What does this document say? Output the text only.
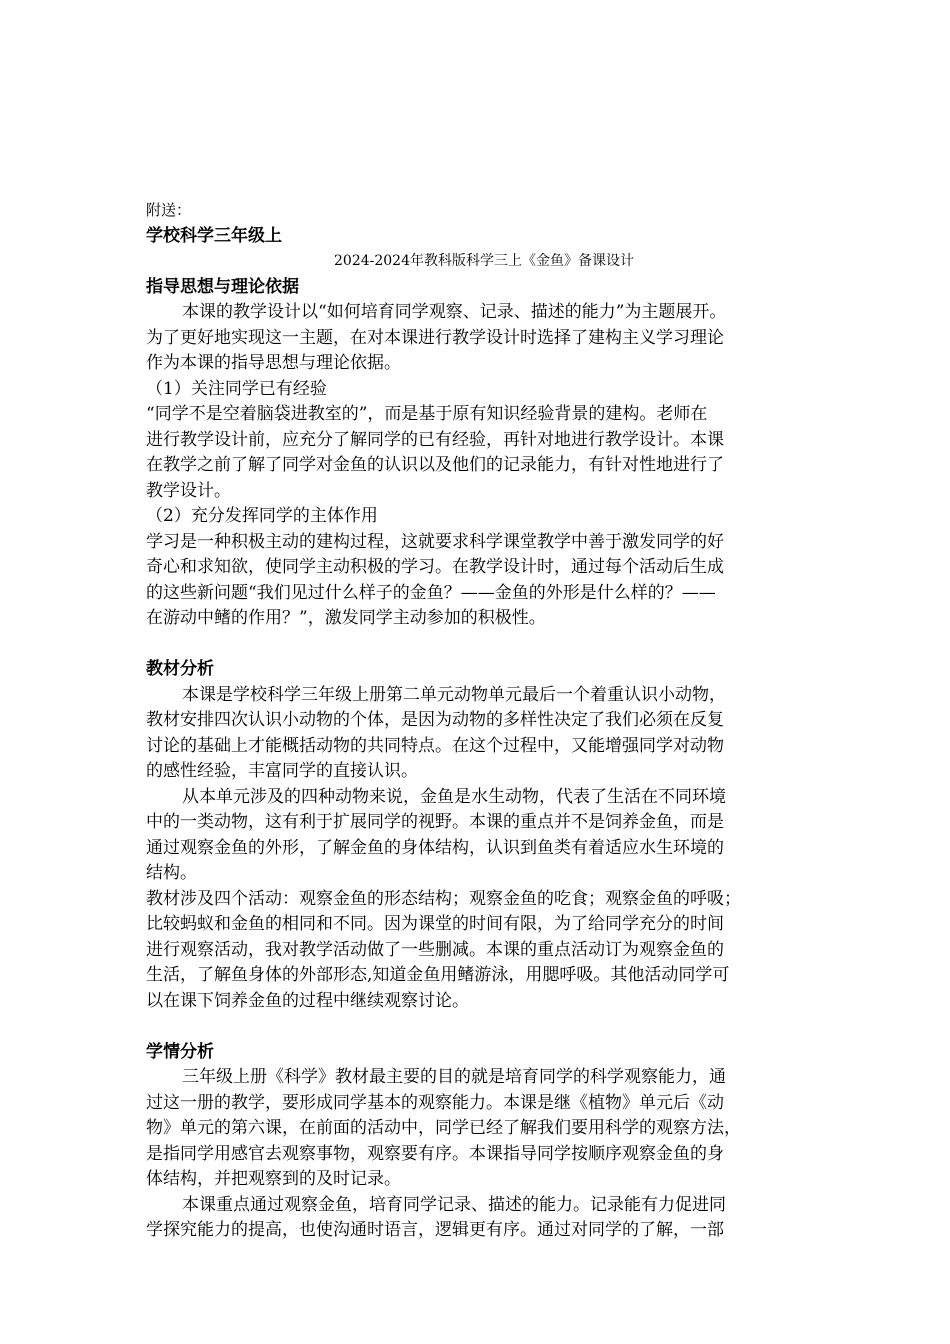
附送：
学校科学三年级上
2024-2024年教科版科学三上《金鱼》备课设计
指导思想与理论依据
本课的教学设计以“如何培育同学观察、记录、描述的能力”为主题展开。
为了更好地实现这一主题，在对本课进行教学设计时选择了建构主义学习理论
作为本课的指导思想与理论依据。
（1）关注同学已有经验
“同学不是空着脑袋进教室的”，而是基于原有知识经验背景的建构。老师在
进行教学设计前，应充分了解同学的已有经验，再针对地进行教学设计。本课
在教学之前了解了同学对金鱼的认识以及他们的记录能力，有针对性地进行了
教学设计。
（2）充分发挥同学的主体作用
学习是一种积极主动的建构过程，这就要求科学课堂教学中善于激发同学的好
奇心和求知欲，使同学主动积极的学习。在教学设计时，通过每个活动后生成
的这些新问题“我们见过什么样子的金鱼？——金鱼的外形是什么样的？——
在游动中鳍的作用？”，激发同学主动参加的积极性。
教材分析
本课是学校科学三年级上册第二单元动物单元最后一个着重认识小动物，
教材安排四次认识小动物的个体，是因为动物的多样性决定了我们必须在反复
讨论的基础上才能概括动物的共同特点。在这个过程中，又能增强同学对动物
的感性经验，丰富同学的直接认识。
从本单元涉及的四种动物来说，金鱼是水生动物，代表了生活在不同环境
中的一类动物，这有利于扩展同学的视野。本课的重点并不是饲养金鱼，而是
通过观察金鱼的外形，了解金鱼的身体结构，认识到鱼类有着适应水生环境的
结构。
教材涉及四个活动：观察金鱼的形态结构；观察金鱼的吃食；观察金鱼的呼吸；
比较蚂蚁和金鱼的相同和不同。因为课堂的时间有限，为了给同学充分的时间
进行观察活动，我对教学活动做了一些删减。本课的重点活动订为观察金鱼的
生活，了解鱼身体的外部形态,知道金鱼用鳍游泳，用腮呼吸。其他活动同学可
以在课下饲养金鱼的过程中继续观察讨论。
学情分析
三年级上册《科学》教材最主要的目的就是培育同学的科学观察能力，通
过这一册的教学，要形成同学基本的观察能力。本课是继《植物》单元后《动
物》单元的第六课，在前面的活动中，同学已经了解我们要用科学的观察方法，
是指同学用感官去观察事物，观察要有序。本课指导同学按顺序观察金鱼的身
体结构，并把观察到的及时记录。
本课重点通过观察金鱼，培育同学记录、描述的能力。记录能有力促进同
学探究能力的提高，也使沟通时语言，逻辑更有序。通过对同学的了解，一部
